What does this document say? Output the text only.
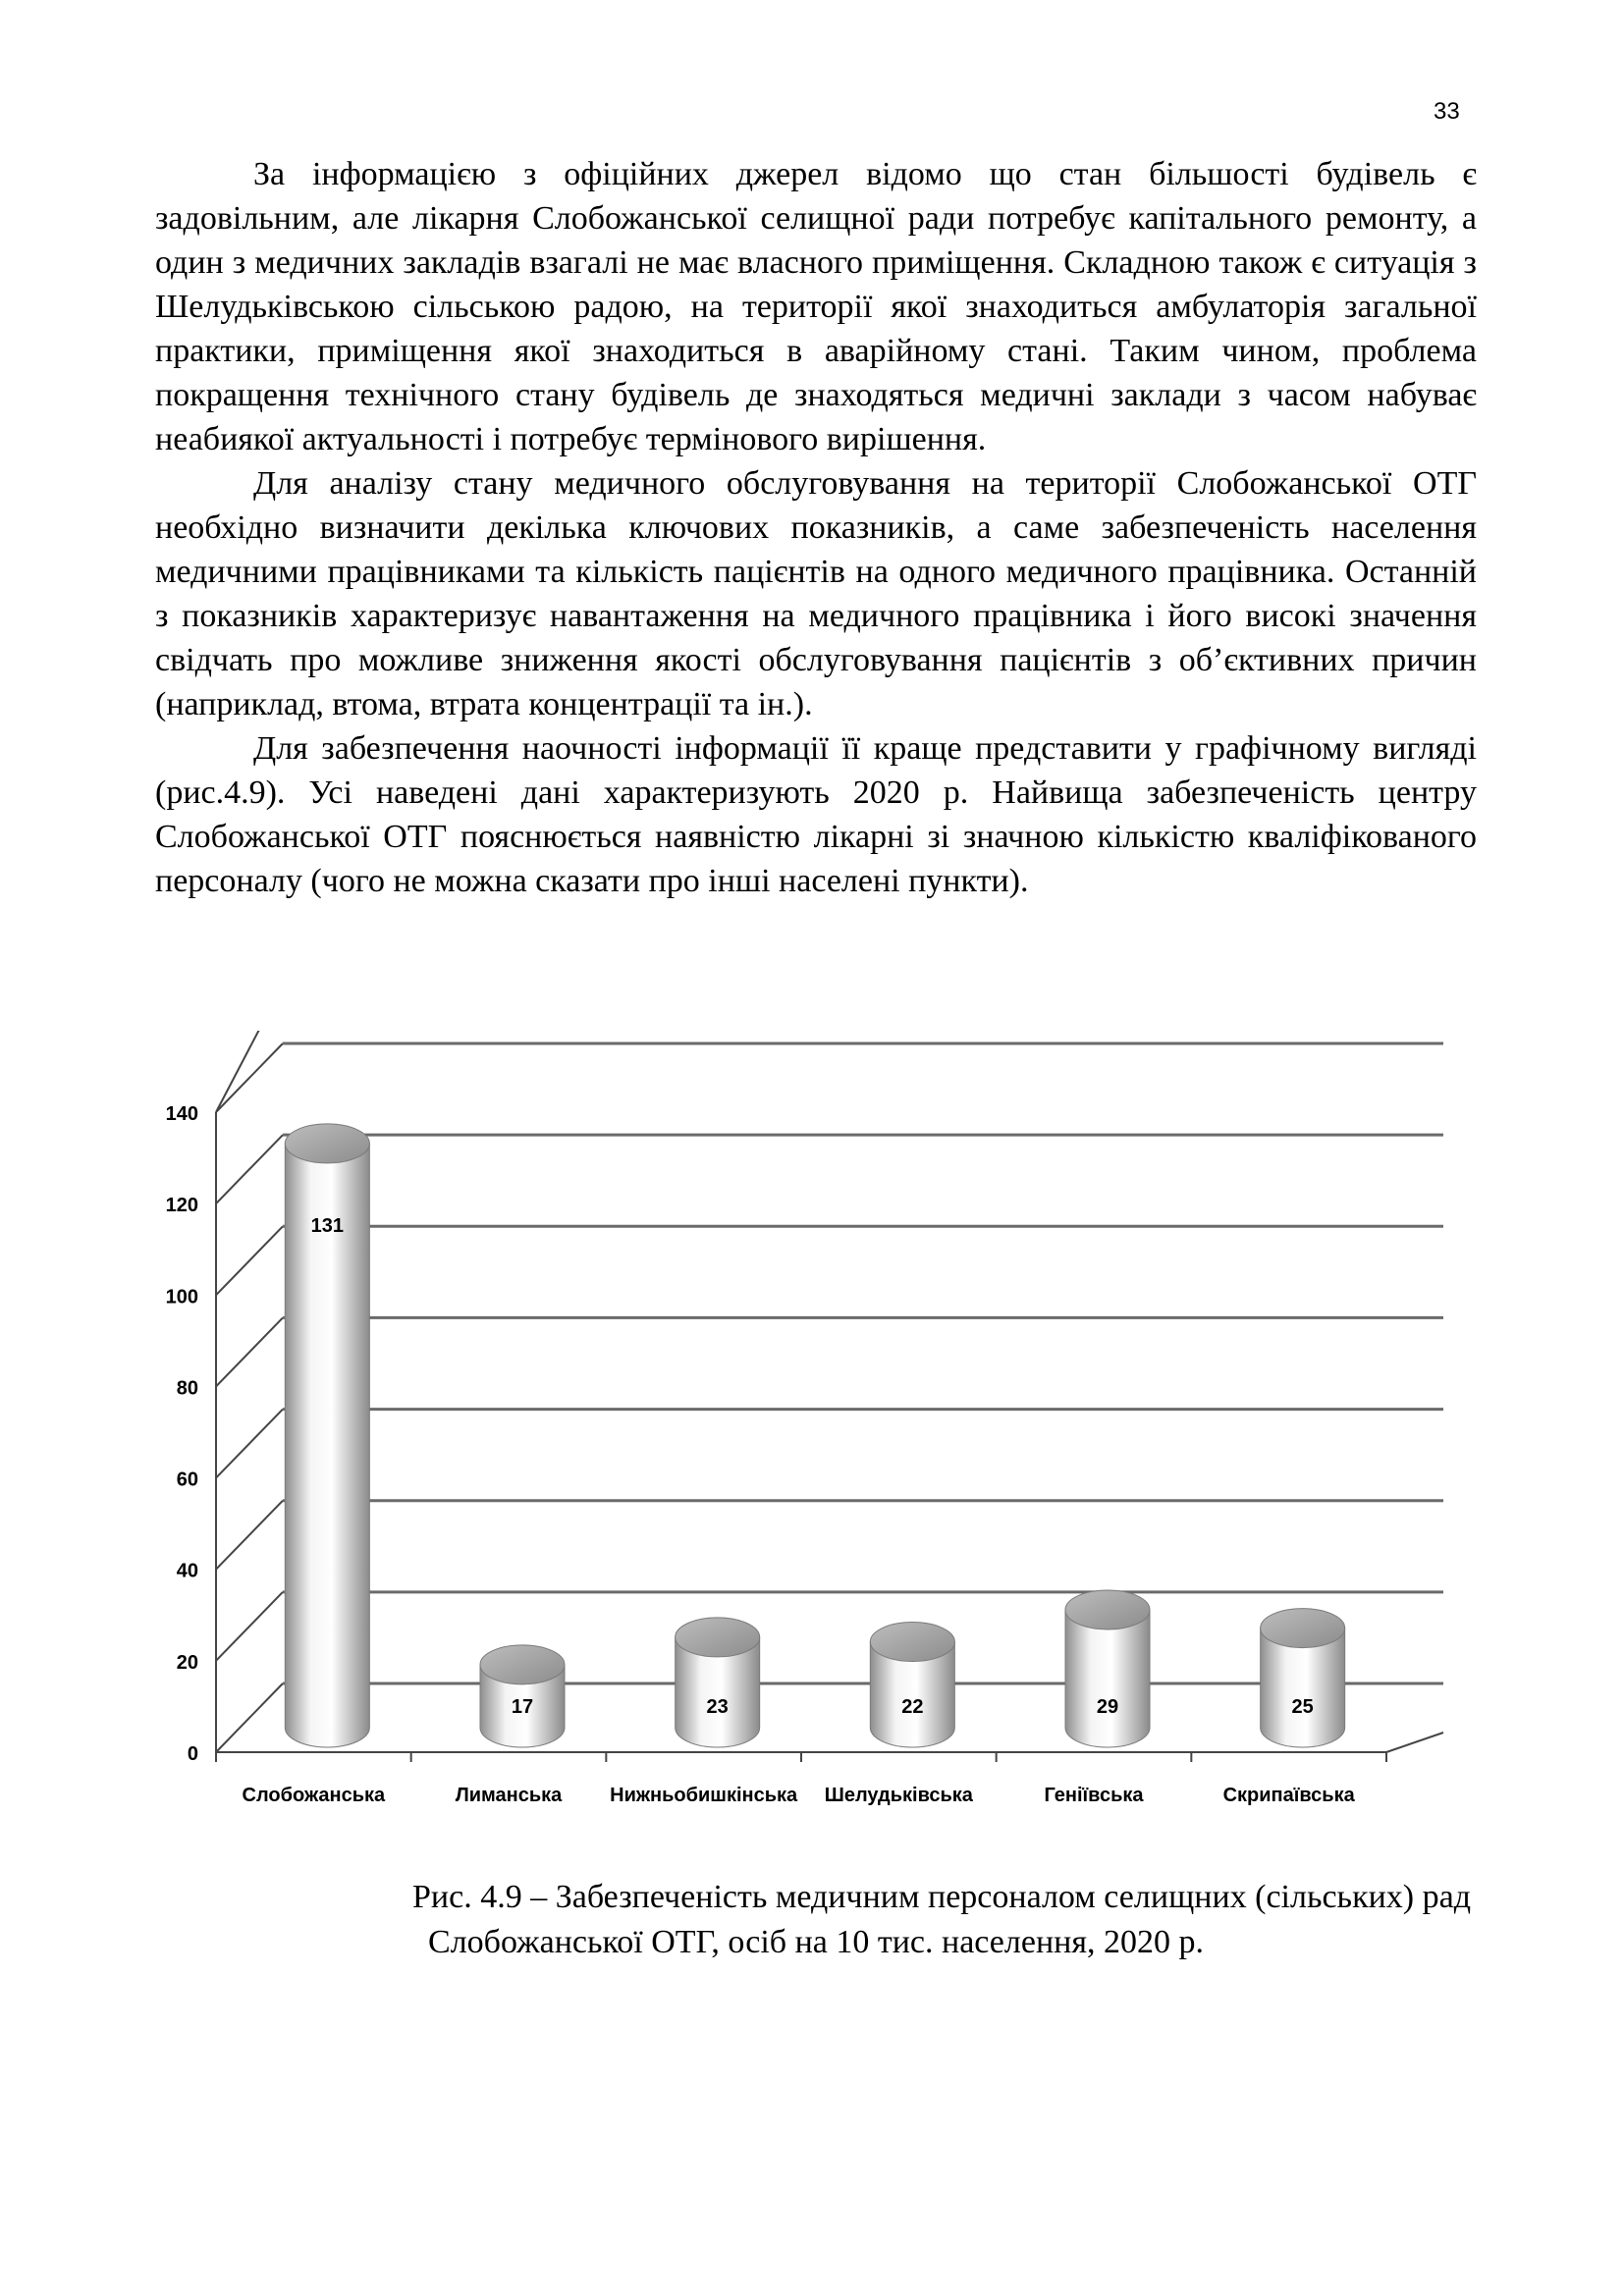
33

За інформацією з офіційних джерел відомо що стан більшості будівель є задовільним, але лікарня Слобожанської селищної ради потребує капітального ремонту, а один з медичних закладів взагалі не має власного приміщення. Складною також є ситуація з Шелудьківською сільською радою, на території якої знаходиться амбулаторія загальної практики, приміщення якої знаходиться в аварійному стані. Таким чином, проблема покращення технічного стану будівель де знаходяться медичні заклади з часом набуває неабиякої актуальності і потребує термінового вирішення.

Для аналізу стану медичного обслуговування на території Слобожанської ОТГ необхідно визначити декілька ключових показників, а саме забезпеченість населення медичними працівниками та кількість пацієнтів на одного медичного працівника. Останній з показників характеризує навантаження на медичного працівника і його високі значення свідчать про можливе зниження якості обслуговування пацієнтів з об’єктивних причин (наприклад, втома, втрата концентрації та ін.).

Для забезпечення наочності інформації її краще представити у графічному вигляді (рис.4.9). Усі наведені дані характеризують 2020 р. Найвища забезпеченість центру Слобожанської ОТГ пояснюється наявністю лікарні зі значною кількістю кваліфікованого персоналу (чого не можна сказати про інші населені пункти).

0
20
40
60
80
100
120
140
131
Слобожанська
17
Лиманська
23
Нижньобишкінська
22
Шелудьківська
29
Геніївська
25
Скрипаївська
Рис. 4.9 – Забезпеченість медичним персоналом селищних (сільських) рад
Слобожанської ОТГ, осіб на 10 тис. населення, 2020 р.
